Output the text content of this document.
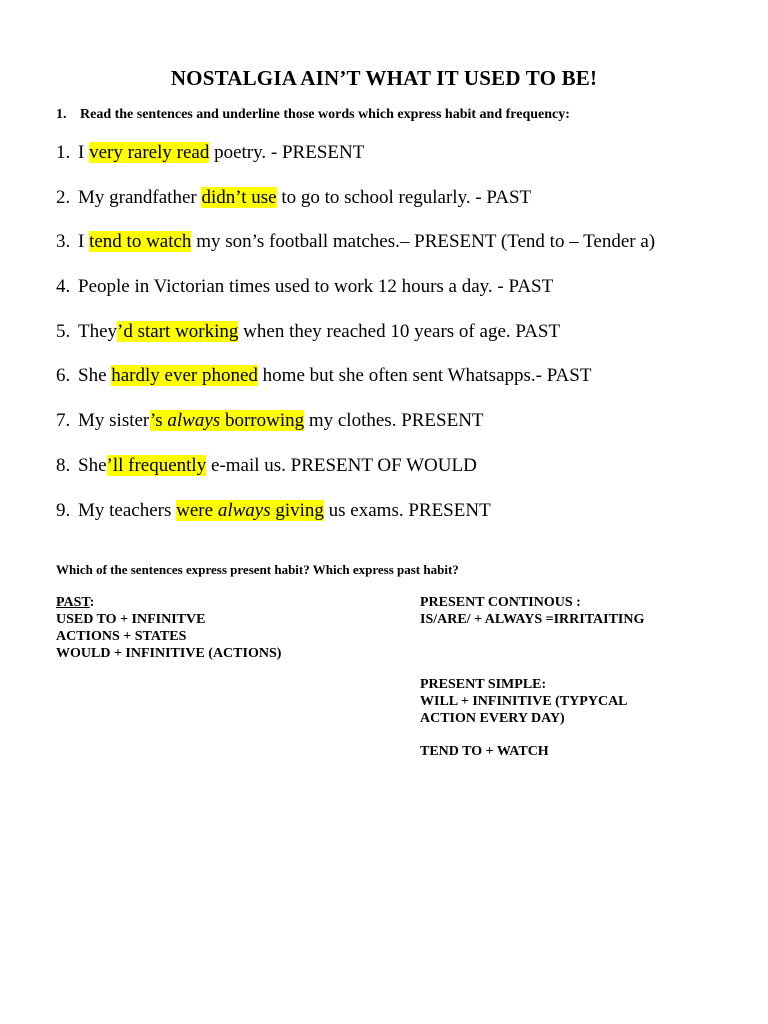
NOSTALGIA AIN’T WHAT IT USED TO BE!
1. Read the sentences and underline those words which express habit and frequency:
1. I very rarely read poetry. - PRESENT
2. My grandfather didn’t use to go to school regularly. - PAST
3. I tend to watch my son’s football matches.– PRESENT (Tend to – Tender a)
4. People in Victorian times used to work 12 hours a day. - PAST
5. They’d start working when they reached 10 years of age. PAST
6. She hardly ever phoned home but she often sent Whatsapps.- PAST
7. My sister’s always borrowing my clothes. PRESENT
8. She’ll frequently e-mail us. PRESENT OF WOULD
9. My teachers were always giving us exams. PRESENT
Which of the sentences express present habit? Which express past habit?
PAST:
USED TO + INFINITVE
ACTIONS + STATES
WOULD + INFINITIVE (ACTIONS)
PRESENT CONTINOUS :
IS/ARE/ + ALWAYS =IRRITAITING
PRESENT SIMPLE:
WILL + INFINITIVE (TYPYCAL
ACTION EVERY DAY)
TEND TO + WATCH
